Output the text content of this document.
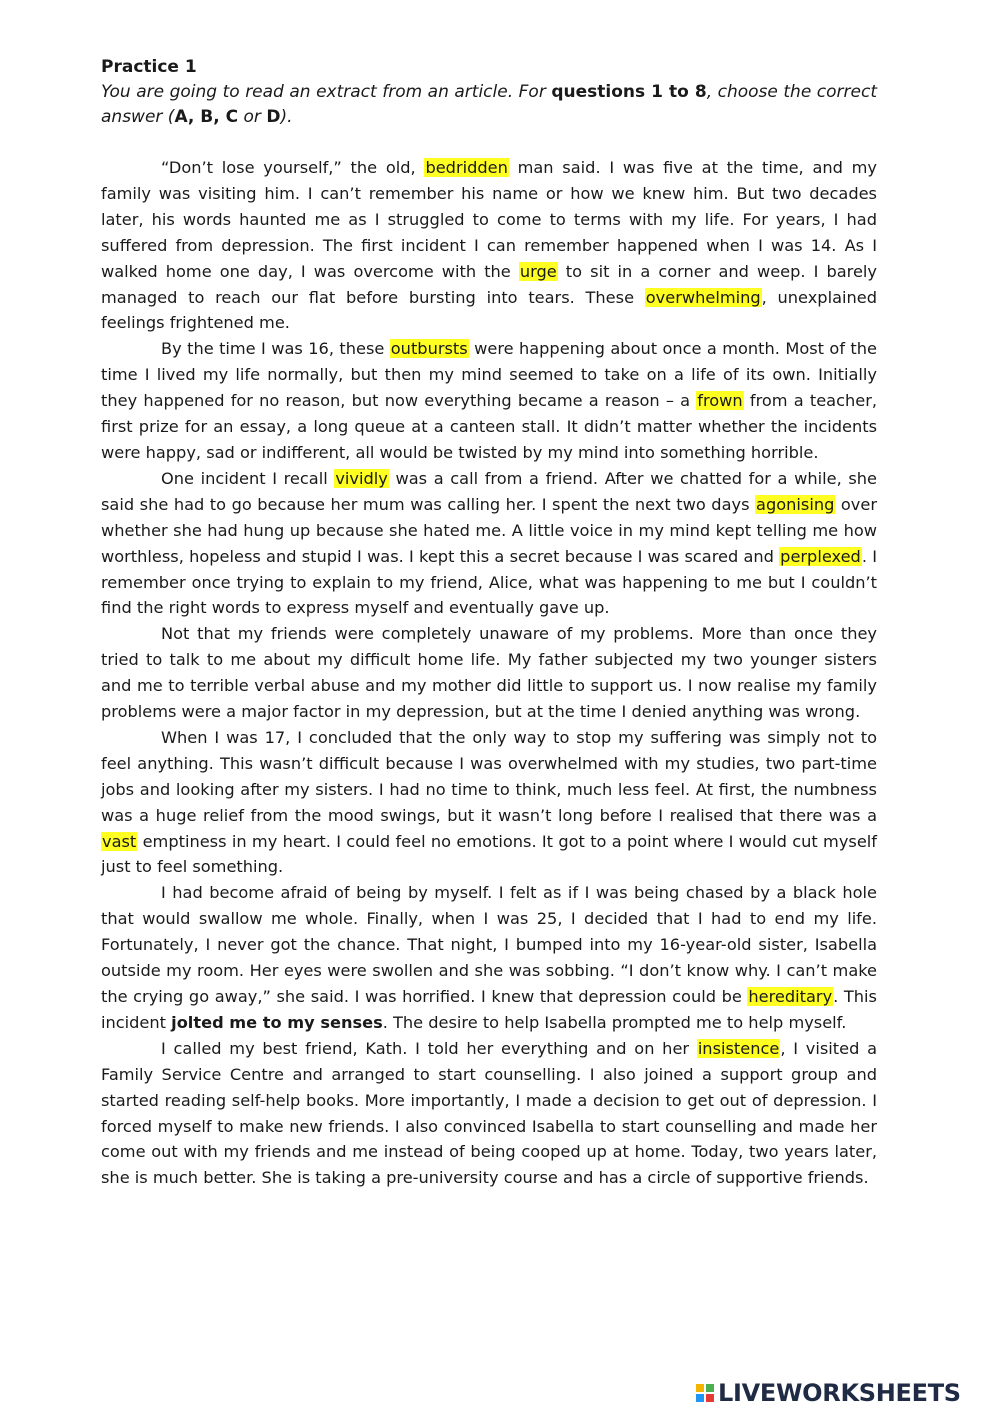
Practice 1

You are going to read an extract from an article. For questions 1 to 8, choose the correct answer (A, B, C or D).

“Don’t lose yourself,” the old, bedridden man said. I was five at the time, and my family was visiting him. I can’t remember his name or how we knew him. But two decades later, his words haunted me as I struggled to come to terms with my life. For years, I had suffered from depression. The first incident I can remember happened when I was 14. As I walked home one day, I was overcome with the urge to sit in a corner and weep. I barely managed to reach our flat before bursting into tears. These overwhelming, unexplained feelings frightened me.

By the time I was 16, these outbursts were happening about once a month. Most of the time I lived my life normally, but then my mind seemed to take on a life of its own. Initially they happened for no reason, but now everything became a reason – a frown from a teacher, first prize for an essay, a long queue at a canteen stall. It didn’t matter whether the incidents were happy, sad or indifferent, all would be twisted by my mind into something horrible.

One incident I recall vividly was a call from a friend. After we chatted for a while, she said she had to go because her mum was calling her. I spent the next two days agonising over whether she had hung up because she hated me. A little voice in my mind kept telling me how worthless, hopeless and stupid I was. I kept this a secret because I was scared and perplexed. I remember once trying to explain to my friend, Alice, what was happening to me but I couldn’t find the right words to express myself and eventually gave up.

Not that my friends were completely unaware of my problems. More than once they tried to talk to me about my difficult home life. My father subjected my two younger sisters and me to terrible verbal abuse and my mother did little to support us. I now realise my family problems were a major factor in my depression, but at the time I denied anything was wrong.

When I was 17, I concluded that the only way to stop my suffering was simply not to feel anything. This wasn’t difficult because I was overwhelmed with my studies, two part-time jobs and looking after my sisters. I had no time to think, much less feel. At first, the numbness was a huge relief from the mood swings, but it wasn’t long before I realised that there was a vast emptiness in my heart. I could feel no emotions. It got to a point where I would cut myself just to feel something.

I had become afraid of being by myself. I felt as if I was being chased by a black hole that would swallow me whole. Finally, when I was 25, I decided that I had to end my life. Fortunately, I never got the chance. That night, I bumped into my 16-year-old sister, Isabella outside my room. Her eyes were swollen and she was sobbing. “I don’t know why. I can’t make the crying go away,” she said. I was horrified. I knew that depression could be hereditary. This incident jolted me to my senses. The desire to help Isabella prompted me to help myself.

I called my best friend, Kath. I told her everything and on her insistence, I visited a Family Service Centre and arranged to start counselling. I also joined a support group and started reading self-help books. More importantly, I made a decision to get out of depression. I forced myself to make new friends. I also convinced Isabella to start counselling and made her come out with my friends and me instead of being cooped up at home. Today, two years later, she is much better. She is taking a pre-university course and has a circle of supportive friends.

LIVEWORKSHEETS
